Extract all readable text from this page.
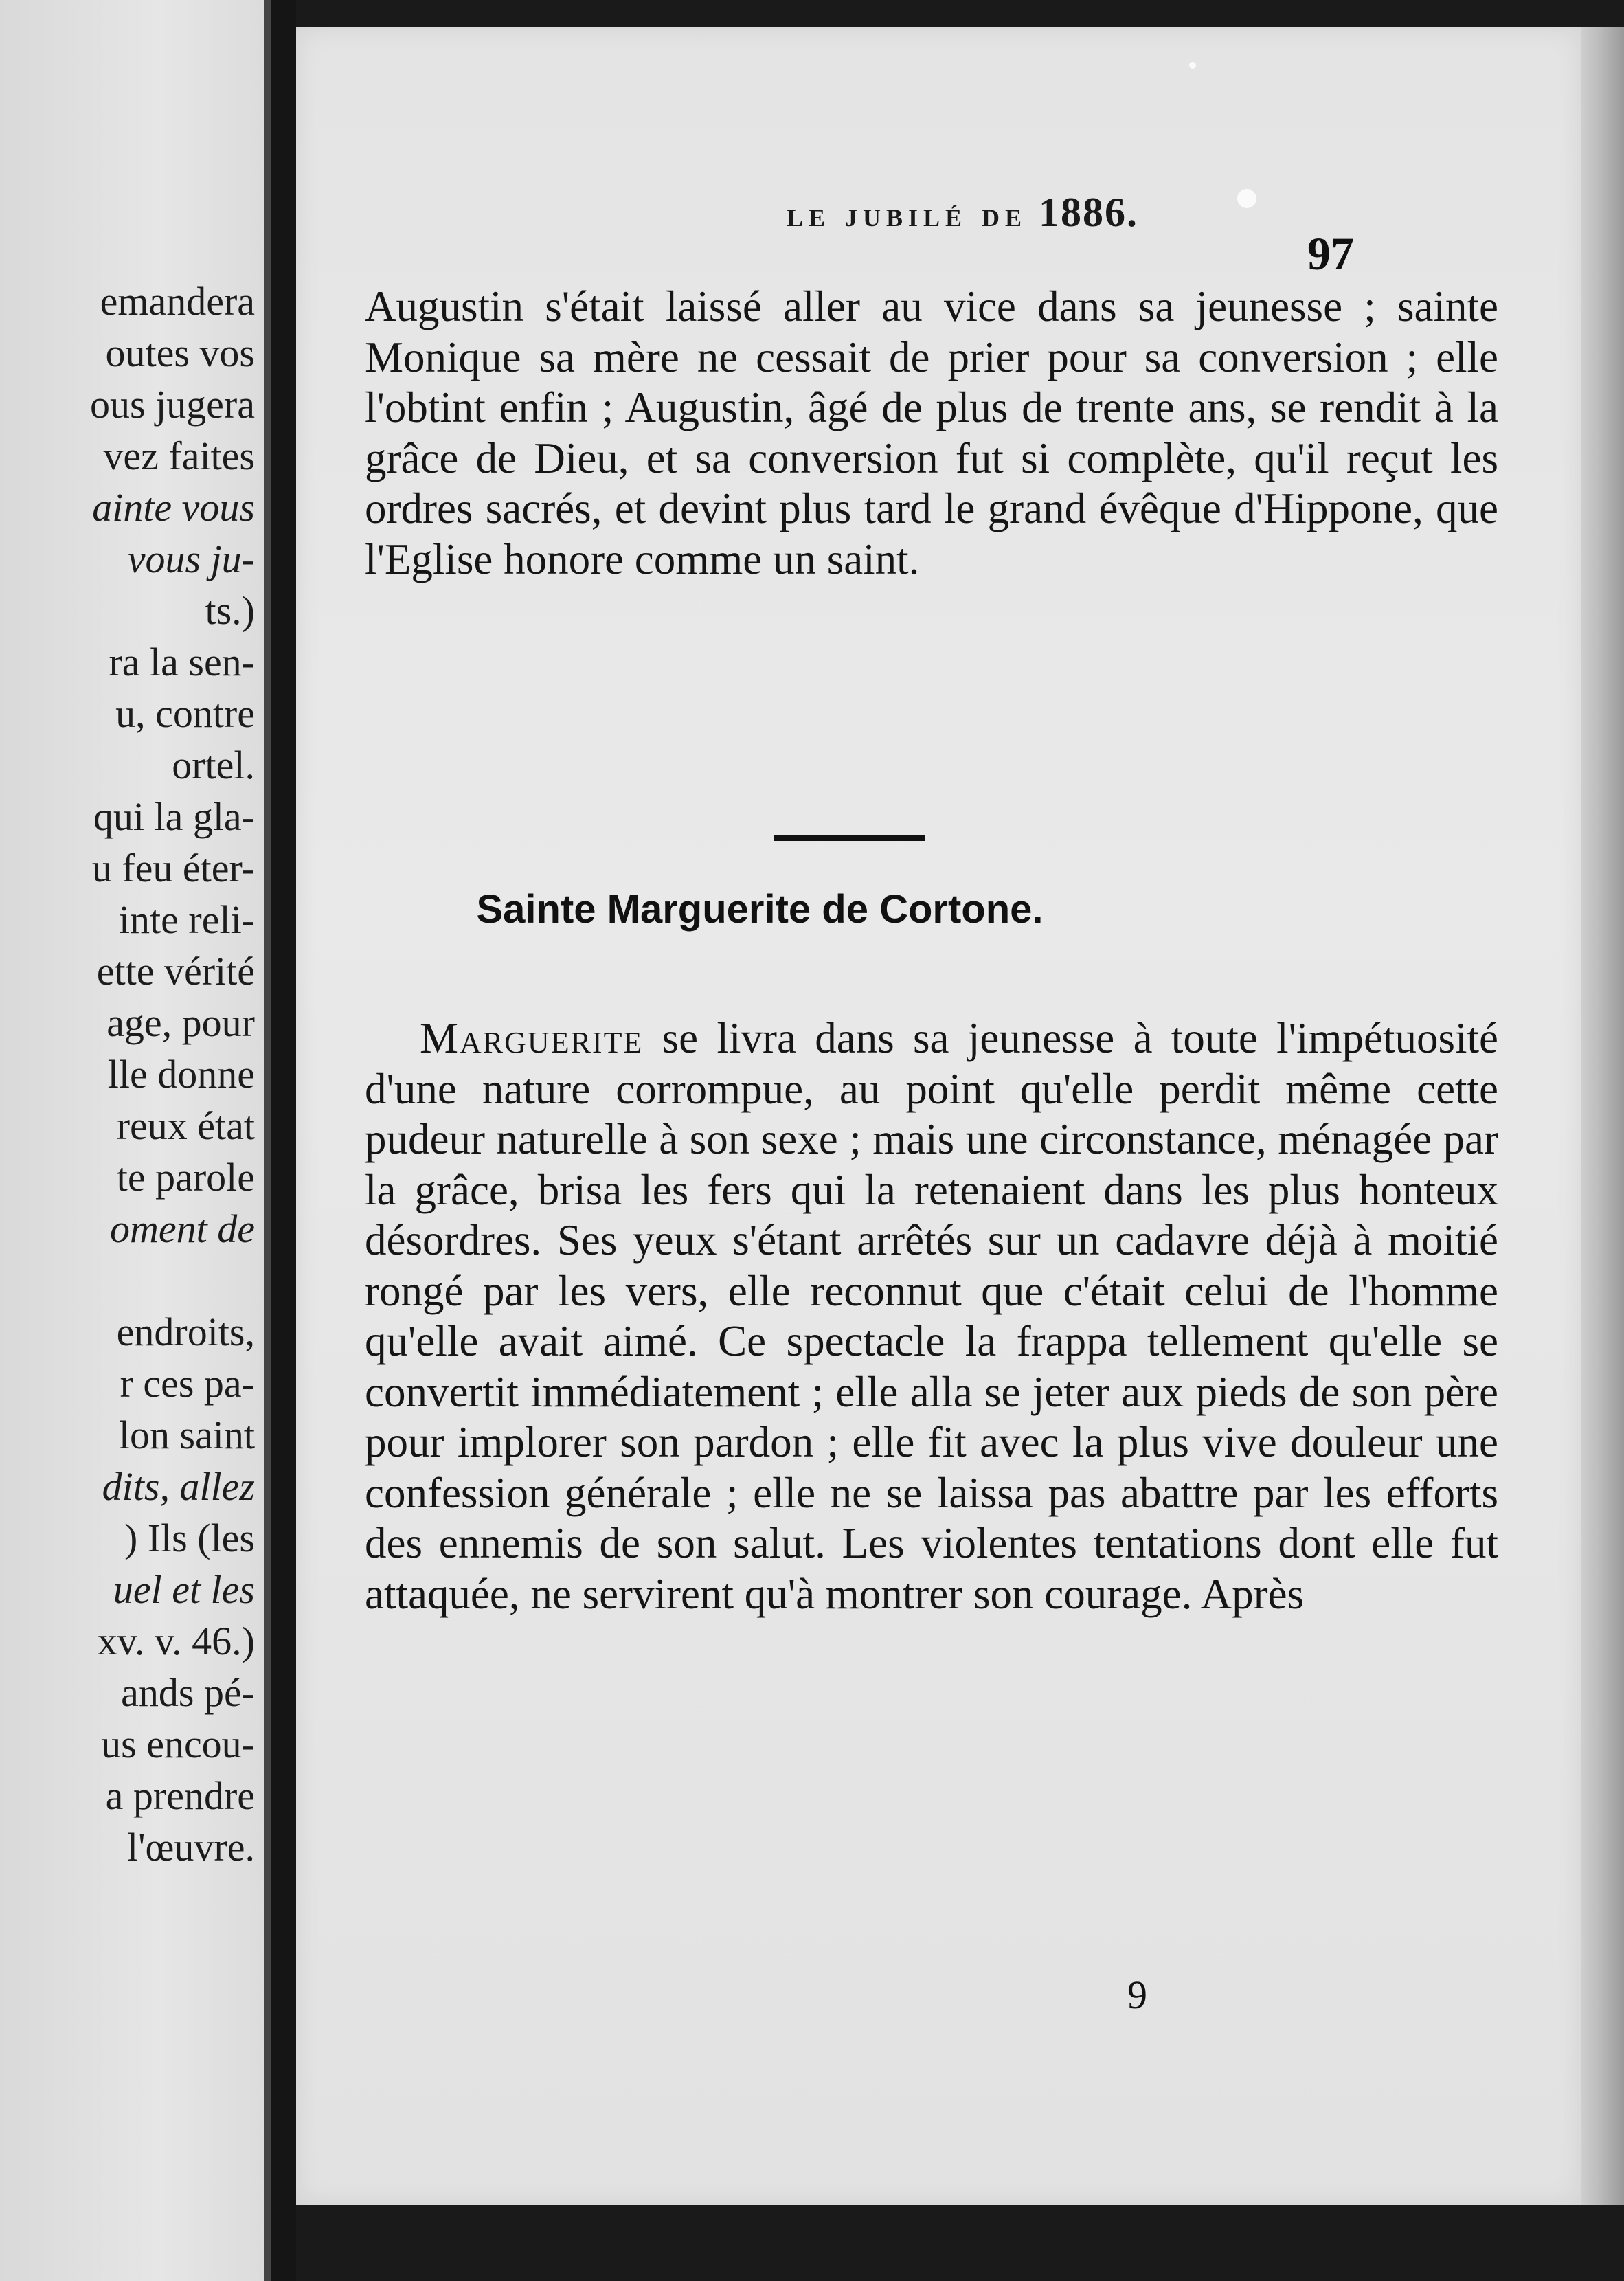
emandera
outes vos
ous jugera
vez faites
ainte vous
vous ju-
ts.)
ra la sen-
u, contre
ortel.
qui la gla-
u feu éter-
inte reli-
ette vérité
age, pour
lle donne
reux état
te parole
oment de
endroits,
r ces pa-
lon saint
dits, allez
) Ils (les
uel et les
xv. v. 46.)
ands pé-
us encou-
a prendre
l'œuvre.
le jubilé de 1886.
97

Augustin s'était laissé aller au vice dans sa jeunesse ; sainte Monique sa mère ne cessait de prier pour sa conversion ; elle l'obtint enfin ; Augustin, âgé de plus de trente ans, se rendit à la grâce de Dieu, et sa conversion fut si complète, qu'il reçut les ordres sacrés, et devint plus tard le grand évêque d'Hippone, que l'Eglise honore comme un saint.

Sainte Marguerite de Cortone.

Marguerite se livra dans sa jeunesse à toute l'impétuosité d'une nature corrompue, au point qu'elle perdit même cette pudeur naturelle à son sexe ; mais une circonstance, ménagée par la grâce, brisa les fers qui la retenaient dans les plus honteux désordres. Ses yeux s'étant arrêtés sur un cadavre déjà à moitié rongé par les vers, elle reconnut que c'était celui de l'homme qu'elle avait aimé. Ce spectacle la frappa tellement qu'elle se convertit immédiatement ; elle alla se jeter aux pieds de son père pour implorer son pardon ; elle fit avec la plus vive douleur une confession générale ; elle ne se laissa pas abattre par les efforts des ennemis de son salut. Les violentes tentations dont elle fut attaquée, ne servirent qu'à montrer son courage. Après

9
